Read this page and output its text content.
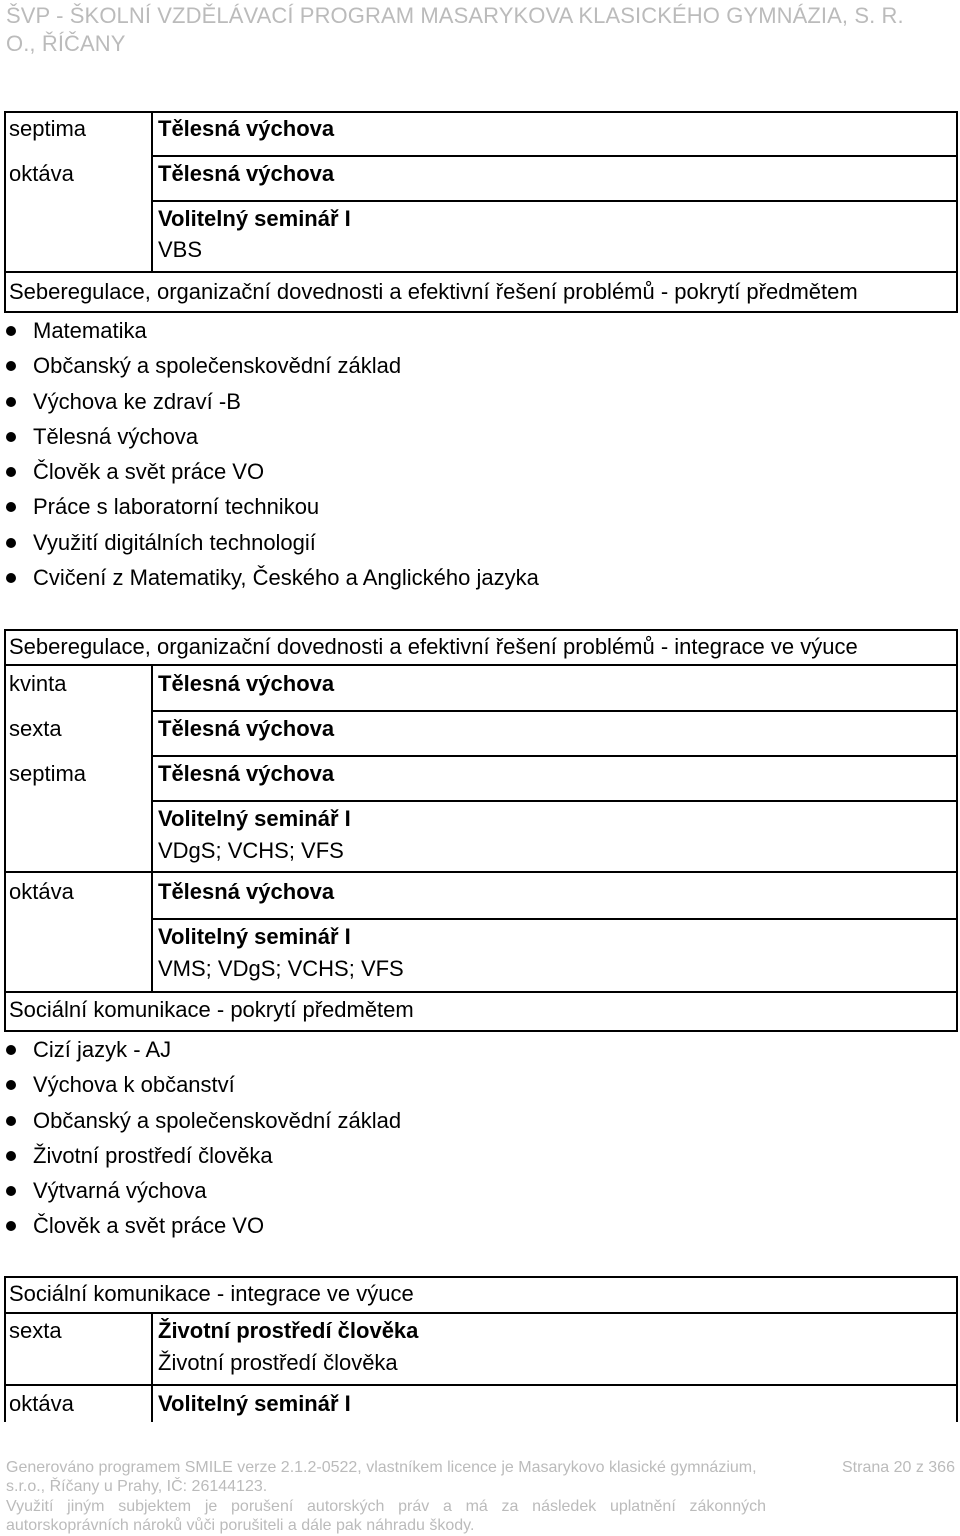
ŠVP - ŠKOLNÍ VZDĚLÁVACÍ PROGRAM MASARYKOVA KLASICKÉHO GYMNÁZIA, S. R.
O., ŘÍČANY
septima	Tělesná výchova
oktáva	Tělesná výchova
Volitelný seminář I
VBS
Seberegulace, organizační dovednosti a efektivní řešení problémů - pokrytí předmětem
Matematika
Občanský a společenskovědní základ
Výchova ke zdraví -B
Tělesná výchova
Člověk a svět práce VO
Práce s laboratorní technikou
Využití digitálních technologií
Cvičení z Matematiky, Českého a Anglického jazyka
Seberegulace, organizační dovednosti a efektivní řešení problémů - integrace ve výuce
kvinta	Tělesná výchova
sexta	Tělesná výchova
septima	Tělesná výchova
Volitelný seminář I
VDgS; VCHS; VFS
oktáva	Tělesná výchova
Volitelný seminář I
VMS; VDgS; VCHS; VFS
Sociální komunikace - pokrytí předmětem
Cizí jazyk - AJ
Výchova k občanství
Občanský a společenskovědní základ
Životní prostředí člověka
Výtvarná výchova
Člověk a svět práce VO
Sociální komunikace - integrace ve výuce
sexta	Životní prostředí člověka
Životní prostředí člověka
oktáva	Volitelný seminář I
Generováno programem SMILE verze 2.1.2-0522, vlastníkem licence je Masarykovo klasické gymnázium,
s.r.o., Říčany u Prahy, IČ: 26144123.
Využití jiným subjektem je porušení autorských práv a má za následek uplatnění zákonných
autorskoprávních nároků vůči porušiteli a dále pak náhradu škody.
Strana 20 z 366
